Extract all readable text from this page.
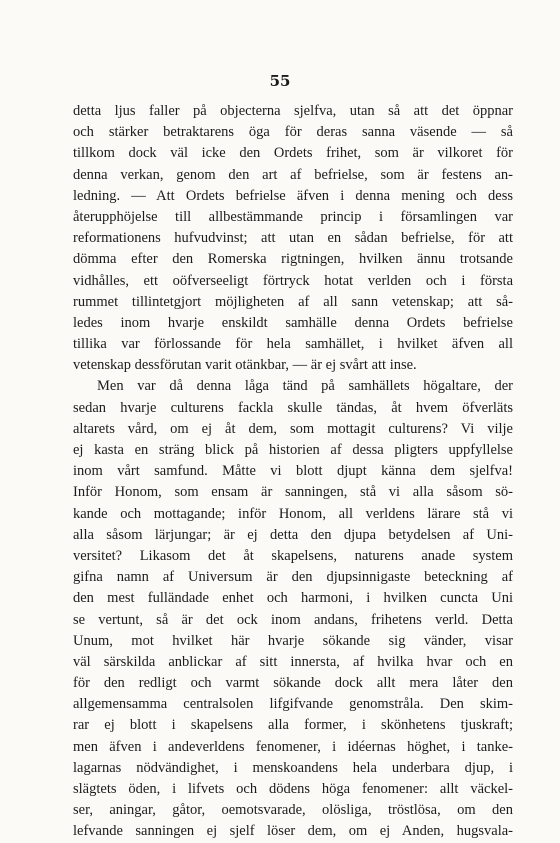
55
detta ljus faller på objecterna sjelfva, utan så att det öppnar
och stärker betraktarens öga för deras sanna väsende — så
tillkom dock väl icke den Ordets frihet, som är vilkoret för
denna verkan, genom den art af befrielse, som är festens an-
ledning. — Att Ordets befrielse äfven i denna mening och dess
återupphöjelse till allbestämmande princip i församlingen var
reformationens hufvudvinst; att utan en sådan befrielse, för att
dömma efter den Romerska rigtningen, hvilken ännu trotsande
vidhålles, ett oöfverseeligt förtryck hotat verlden och i första
rummet tillintetgjort möjligheten af all sann vetenskap; att så-
ledes inom hvarje enskildt samhälle denna Ordets befrielse
tillika var förlossande för hela samhället, i hvilket äfven all
vetenskap dessförutan varit otänkbar, — är ej svårt att inse.
Men var då denna låga tänd på samhällets högaltare, der
sedan hvarje culturens fackla skulle tändas, åt hvem öfverläts
altarets vård, om ej åt dem, som mottagit culturens? Vi vilje
ej kasta en sträng blick på historien af dessa pligters uppfyllelse
inom vårt samfund. Måtte vi blott djupt känna dem sjelfva!
Inför Honom, som ensam är sanningen, stå vi alla såsom sö-
kande och mottagande; inför Honom, all verldens lärare stå vi
alla såsom lärjungar; är ej detta den djupa betydelsen af Uni-
versitet? Likasom det åt skapelsens, naturens anade system
gifna namn af Universum är den djupsinnigaste beteckning af
den mest fulländade enhet och harmoni, i hvilken cuncta Uni
se vertunt, så är det ock inom andans, frihetens verld. Detta
Unum, mot hvilket här hvarje sökande sig vänder, visar
väl särskilda anblickar af sitt innersta, af hvilka hvar och en
för den redligt och varmt sökande dock allt mera låter den
allgemensamma centralsolen lifgifvande genomstråla. Den skim-
rar ej blott i skapelsens alla former, i skönhetens tjuskraft;
men äfven i andeverldens fenomener, i idéernas höghet, i tanke-
lagarnas nödvändighet, i menskoandens hela underbara djup, i
slägtets öden, i lifvets och dödens höga fenomener: allt väckel-
ser, aningar, gåtor, oemotsvarade, olösliga, tröstlösa, om den
lefvande sanningen ej sjelf löser dem, om ej Anden, hugsvala-
